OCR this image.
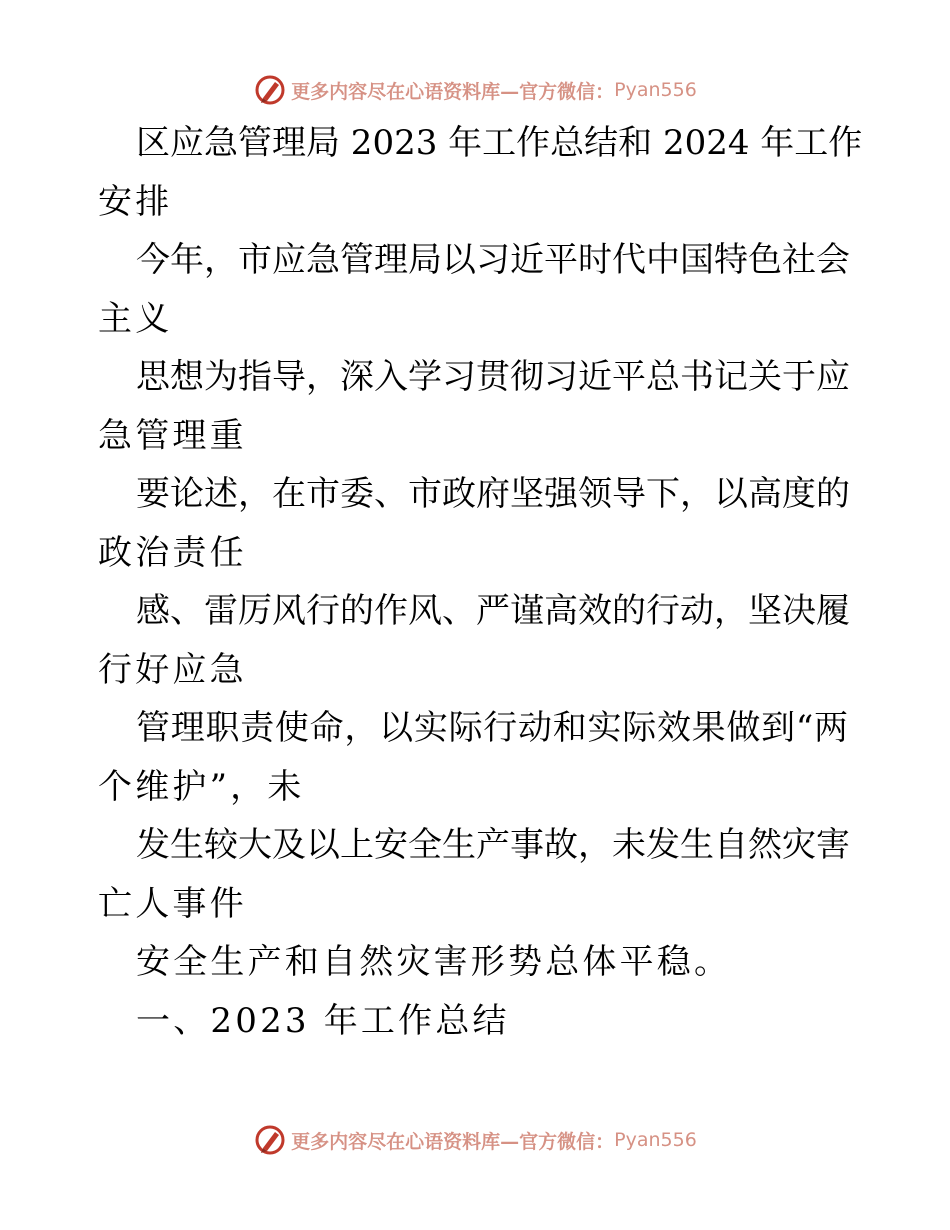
更多内容尽在心语资料库—官方微信： Pyan556
区应急管理局 2023 年工作总结和 2024 年工作
安排
今年，市应急管理局以习近平时代中国特色社会
主义
思想为指导，深入学习贯彻习近平总书记关于应
急管理重
要论述，在市委、市政府坚强领导下，以高度的
政治责任
感、雷厉风行的作风、严谨高效的行动，坚决履
行好应急
管理职责使命，以实际行动和实际效果做到“两
个维护”，未
发生较大及以上安全生产事故，未发生自然灾害
亡人事件
安全生产和自然灾害形势总体平稳。
一、2023 年工作总结
更多内容尽在心语资料库—官方微信： Pyan556
